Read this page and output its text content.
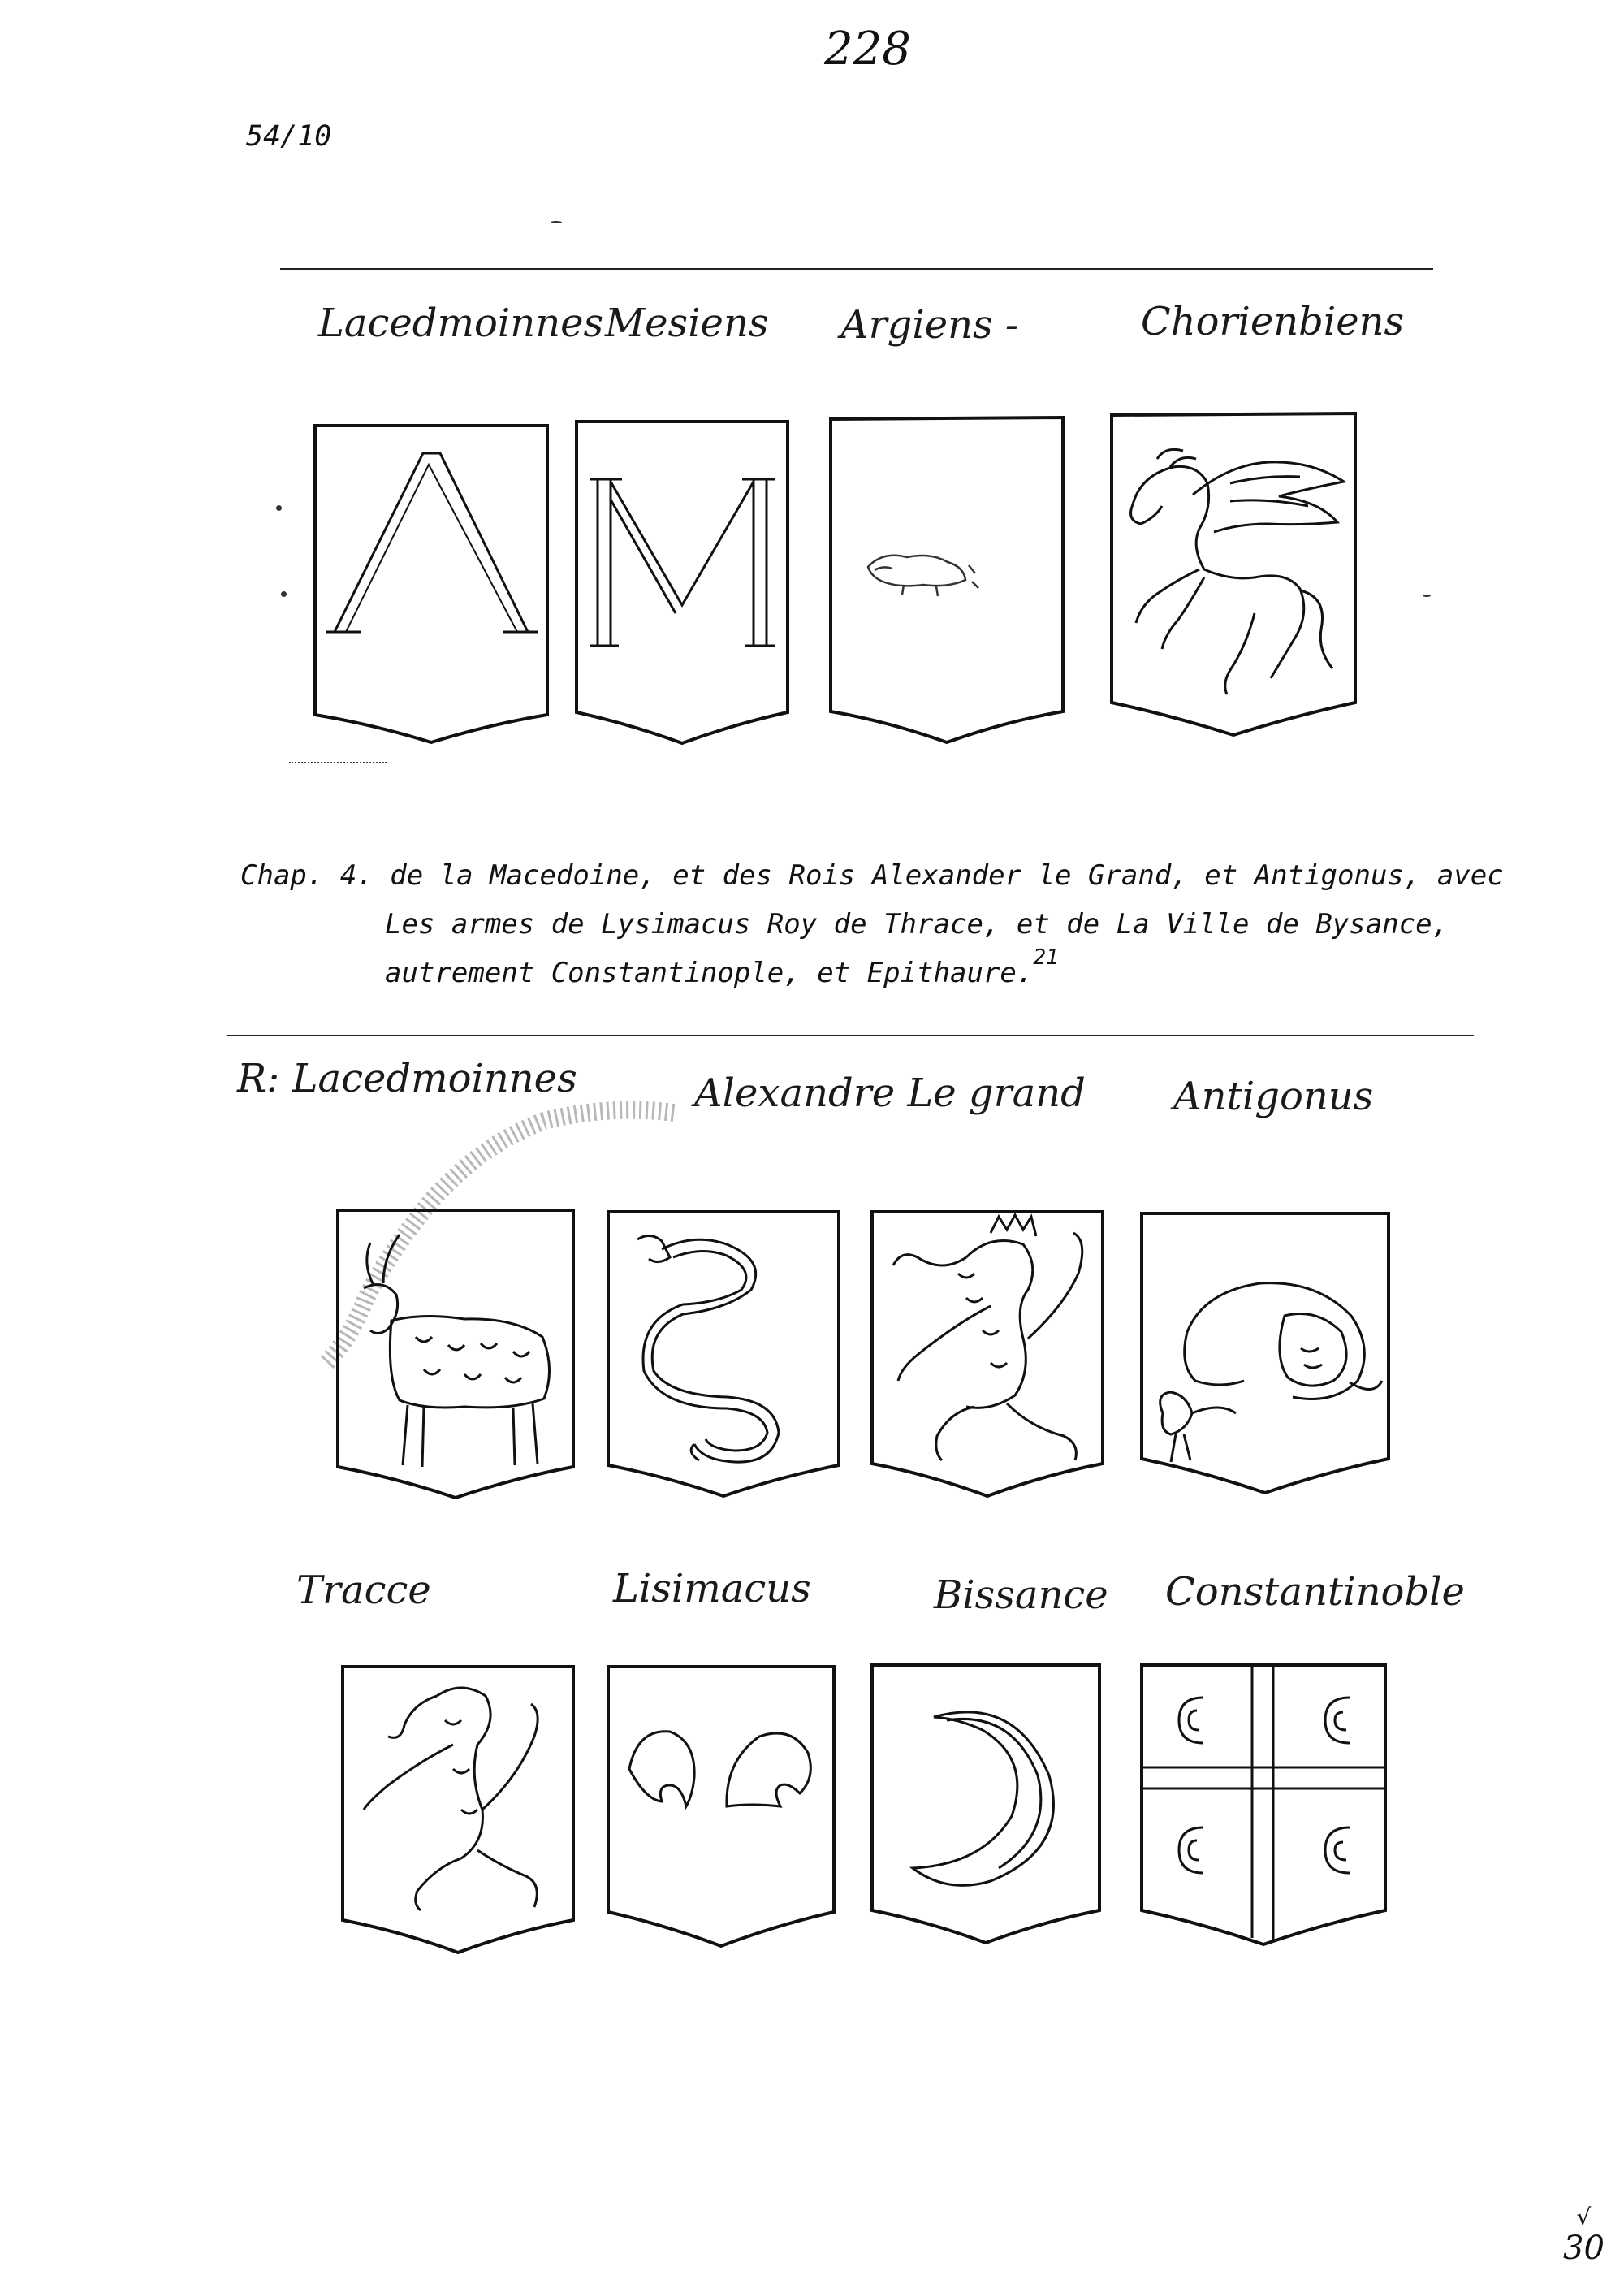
228
54/10
Lacedmoinnes Mesiens Argiens -	Chorienbiens
Chap. 4. de la Macedoine, et des Rois Alexander le Grand, et Antigonus, avec
Les armes de Lysimacus Roy de Thrace, et de La Ville de Bysance,
autrement Constantinople, et Epithaure.$^{21}$
R: Lacedmoinnes	Alexandre Le grand Antigonus
Tracce	Lisimacus	Bissance Constantinoble
√
30
